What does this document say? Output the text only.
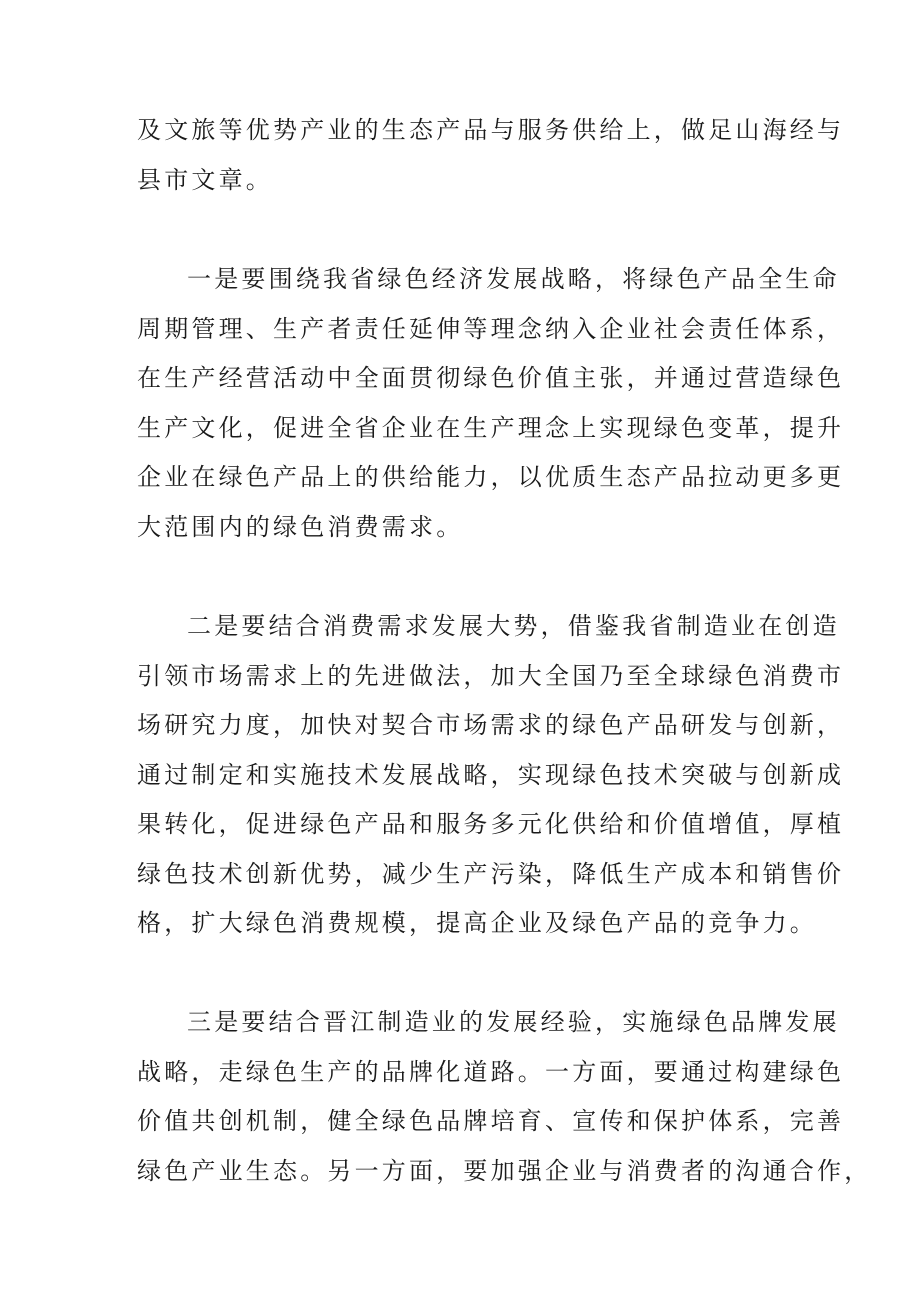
及文旅等优势产业的生态产品与服务供给上，做足山海经与

县市文章。

一是要围绕我省绿色经济发展战略，将绿色产品全生命

周期管理、生产者责任延伸等理念纳入企业社会责任体系，

在生产经营活动中全面贯彻绿色价值主张，并通过营造绿色

生产文化，促进全省企业在生产理念上实现绿色变革，提升

企业在绿色产品上的供给能力，以优质生态产品拉动更多更

大范围内的绿色消费需求。

二是要结合消费需求发展大势，借鉴我省制造业在创造

引领市场需求上的先进做法，加大全国乃至全球绿色消费市

场研究力度，加快对契合市场需求的绿色产品研发与创新，

通过制定和实施技术发展战略，实现绿色技术突破与创新成

果转化，促进绿色产品和服务多元化供给和价值增值，厚植

绿色技术创新优势，减少生产污染，降低生产成本和销售价

格，扩大绿色消费规模，提高企业及绿色产品的竞争力。

三是要结合晋江制造业的发展经验，实施绿色品牌发展

战略，走绿色生产的品牌化道路。一方面，要通过构建绿色

价值共创机制，健全绿色品牌培育、宣传和保护体系，完善

绿色产业生态。另一方面，要加强企业与消费者的沟通合作，
